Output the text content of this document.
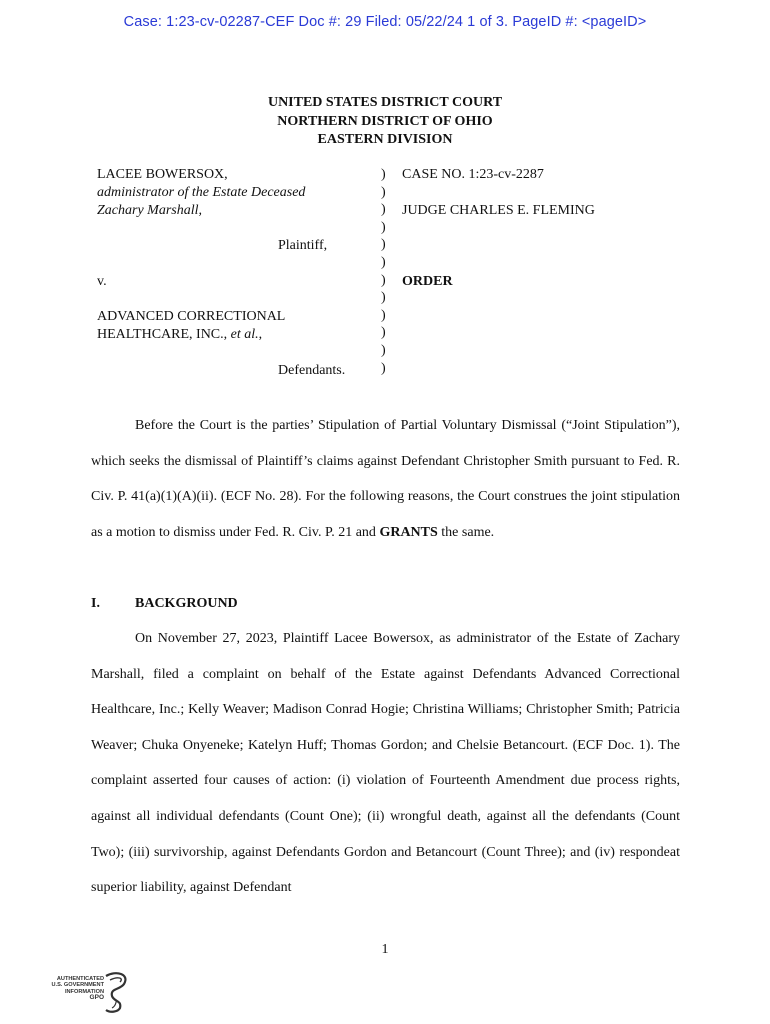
Case: 1:23-cv-02287-CEF Doc #: 29 Filed: 05/22/24 1 of 3. PageID #: <pageID>
UNITED STATES DISTRICT COURT
NORTHERN DISTRICT OF OHIO
EASTERN DIVISION
LACEE BOWERSOX,
administrator of the Estate Deceased
Zachary Marshall,
Plaintiff,
v.
ADVANCED CORRECTIONAL
HEALTHCARE, INC., et al.,
Defendants.
)
)
)
)
)
)
)
)
)
)
)
)
CASE NO. 1:23-cv-2287
JUDGE CHARLES E. FLEMING
ORDER

Before the Court is the parties’ Stipulation of Partial Voluntary Dismissal (“Joint Stipulation”), which seeks the dismissal of Plaintiff’s claims against Defendant Christopher Smith pursuant to Fed. R. Civ. P. 41(a)(1)(A)(ii). (ECF No. 28). For the following reasons, the Court construes the joint stipulation as a motion to dismiss under Fed. R. Civ. P. 21 and GRANTS the same.

I.	BACKGROUND

On November 27, 2023, Plaintiff Lacee Bowersox, as administrator of the Estate of Zachary Marshall, filed a complaint on behalf of the Estate against Defendants Advanced Correctional Healthcare, Inc.; Kelly Weaver; Madison Conrad Hogie; Christina Williams; Christopher Smith; Patricia Weaver; Chuka Onyeneke; Katelyn Huff; Thomas Gordon; and Chelsie Betancourt. (ECF Doc. 1). The complaint asserted four causes of action: (i) violation of Fourteenth Amendment due process rights, against all individual defendants (Count One); (ii) wrongful death, against all the defendants (Count Two); (iii) survivorship, against Defendants Gordon and Betancourt (Count Three); and (iv) respondeat superior liability, against Defendant

1
AUTHENTICATED
U.S. GOVERNMENT
INFORMATION
GPO
